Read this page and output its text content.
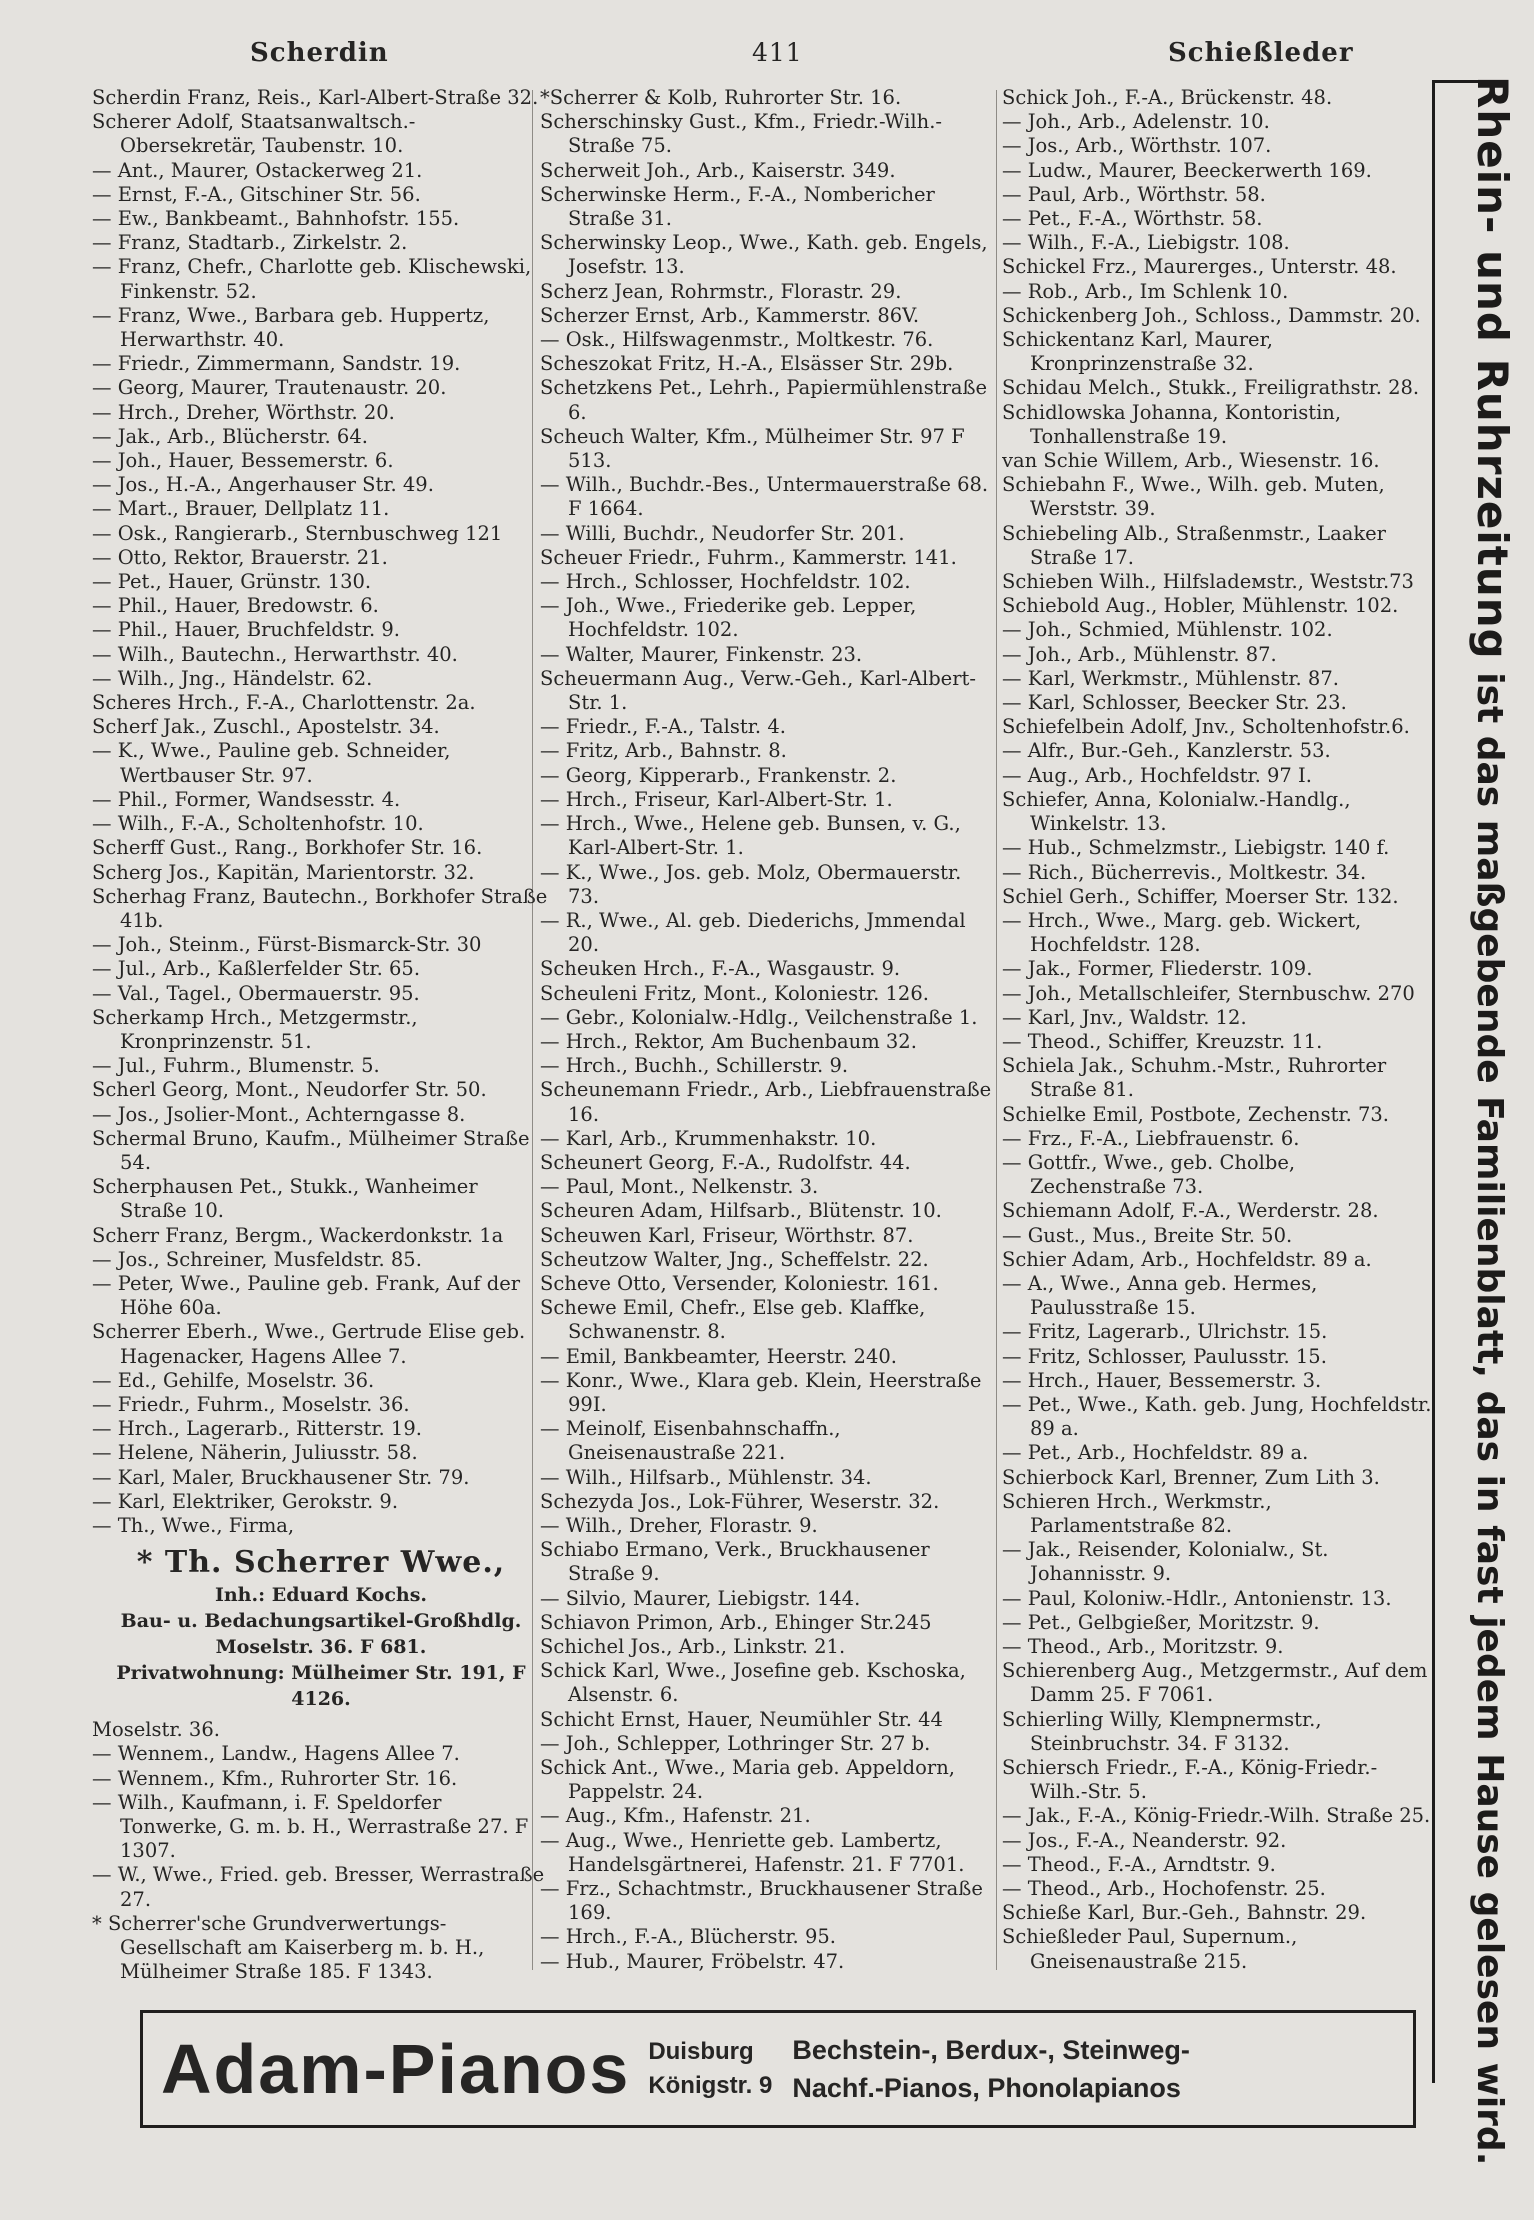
Scherdin	411	Schießleder

Scherdin Franz, Reis., Karl-Albert-Straße 32.

Scherer Adolf, Staatsanwaltsch.-Obersekretär, Taubenstr. 10.

— Ant., Maurer, Ostackerweg 21.

— Ernst, F.-A., Gitschiner Str. 56.

— Ew., Bankbeamt., Bahnhofstr. 155.

— Franz, Stadtarb., Zirkelstr. 2.

— Franz, Chefr., Charlotte geb. Klischewski, Finkenstr. 52.

— Franz, Wwe., Barbara geb. Huppertz, Herwarthstr. 40.

— Friedr., Zimmermann, Sandstr. 19.

— Georg, Maurer, Trautenaustr. 20.

— Hrch., Dreher, Wörthstr. 20.

— Jak., Arb., Blücherstr. 64.

— Joh., Hauer, Bessemerstr. 6.

— Jos., H.-A., Angerhauser Str. 49.

— Mart., Brauer, Dellplatz 11.

— Osk., Rangierarb., Sternbuschweg 121

— Otto, Rektor, Brauerstr. 21.

— Pet., Hauer, Grünstr. 130.

— Phil., Hauer, Bredowstr. 6.

— Phil., Hauer, Bruchfeldstr. 9.

— Wilh., Bautechn., Herwarthstr. 40.

— Wilh., Jng., Händelstr. 62.

Scheres Hrch., F.-A., Charlottenstr. 2a.

Scherf Jak., Zuschl., Apostelstr. 34.

— K., Wwe., Pauline geb. Schneider, Wertbauser Str. 97.

— Phil., Former, Wandsesstr. 4.

— Wilh., F.-A., Scholtenhofstr. 10.

Scherff Gust., Rang., Borkhofer Str. 16.

Scherg Jos., Kapitän, Marientorstr. 32.

Scherhag Franz, Bautechn., Borkhofer Straße 41b.

— Joh., Steinm., Fürst-Bismarck-Str. 30

— Jul., Arb., Kaßlerfelder Str. 65.

— Val., Tagel., Obermauerstr. 95.

Scherkamp Hrch., Metzgermstr., Kronprinzenstr. 51.

— Jul., Fuhrm., Blumenstr. 5.

Scherl Georg, Mont., Neudorfer Str. 50.

— Jos., Jsolier-Mont., Achterngasse 8.

Schermal Bruno, Kaufm., Mülheimer Straße 54.

Scherphausen Pet., Stukk., Wanheimer Straße 10.

Scherr Franz, Bergm., Wackerdonkstr. 1a

— Jos., Schreiner, Musfeldstr. 85.

— Peter, Wwe., Pauline geb. Frank, Auf der Höhe 60a.

Scherrer Eberh., Wwe., Gertrude Elise geb. Hagenacker, Hagens Allee 7.

— Ed., Gehilfe, Moselstr. 36.

— Friedr., Fuhrm., Moselstr. 36.

— Hrch., Lagerarb., Ritterstr. 19.

— Helene, Näherin, Juliusstr. 58.

— Karl, Maler, Bruckhausener Str. 79.

— Karl, Elektriker, Gerokstr. 9.

— Th., Wwe., Firma,

* Th. Scherrer Wwe.,
Inh.: Eduard Kochs.
Bau- u. Bedachungsartikel-Großhdlg.
Moselstr. 36. F 681.
Privatwohnung: Mülheimer Str. 191, F 4126.

Moselstr. 36.

— Wennem., Landw., Hagens Allee 7.

— Wennem., Kfm., Ruhrorter Str. 16.

— Wilh., Kaufmann, i. F. Speldorfer Tonwerke, G. m. b. H., Werrastraße 27. F 1307.

— W., Wwe., Fried. geb. Bresser, Werrastraße 27.

* Scherrer'sche Grundverwertungs-Gesellschaft am Kaiserberg m. b. H., Mülheimer Straße 185. F 1343.

*Scherrer & Kolb, Ruhrorter Str. 16.

Scherschinsky Gust., Kfm., Friedr.-Wilh.-Straße 75.

Scherweit Joh., Arb., Kaiserstr. 349.

Scherwinske Herm., F.-A., Nomberichеr Straße 31.

Scherwinsky Leop., Wwe., Kath. geb. Engels, Josefstr. 13.

Scherz Jean, Rohrmstr., Florastr. 29.

Scherzer Ernst, Arb., Kammerstr. 86V.

— Osk., Hilfswagenmstr., Moltkestr. 76.

Scheszokat Fritz, H.-A., Elsässer Str. 29b.

Schetzkens Pet., Lehrh., Papiermühlenstraße 6.

Scheuch Walter, Kfm., Mülheimer Str. 97 F 513.

— Wilh., Buchdr.-Bes., Untermauerstraße 68. F 1664.

— Willi, Buchdr., Neudorfer Str. 201.

Scheuer Friedr., Fuhrm., Kammerstr. 141.

— Hrch., Schlosser, Hochfeldstr. 102.

— Joh., Wwe., Friederike geb. Lepper, Hochfeldstr. 102.

— Walter, Maurer, Finkenstr. 23.

Scheuermann Aug., Verw.-Geh., Karl-Albert-Str. 1.

— Friedr., F.-A., Talstr. 4.

— Fritz, Arb., Bahnstr. 8.

— Georg, Kipperarb., Frankenstr. 2.

— Hrch., Friseur, Karl-Albert-Str. 1.

— Hrch., Wwe., Helene geb. Bunsen, v. G., Karl-Albert-Str. 1.

— K., Wwe., Jos. geb. Molz, Obermauerstr. 73.

— R., Wwe., Al. geb. Diederichs, Jmmendal 20.

Scheuken Hrch., F.-A., Wasgaustr. 9.

Scheuleni Fritz, Mont., Koloniestr. 126.

— Gebr., Kolonialw.-Hdlg., Veilchenstraße 1.

— Hrch., Rektor, Am Buchenbaum 32.

— Hrch., Buchh., Schillerstr. 9.

Scheunemann Friedr., Arb., Liebfrauenstraße 16.

— Karl, Arb., Krummenhakstr. 10.

Scheunert Georg, F.-A., Rudolfstr. 44.

— Paul, Mont., Nelkenstr. 3.

Scheuren Adam, Hilfsarb., Blütenstr. 10.

Scheuwen Karl, Friseur, Wörthstr. 87.

Scheutzow Walter, Jng., Scheffelstr. 22.

Scheve Otto, Versender, Koloniestr. 161.

Schewe Emil, Chefr., Else geb. Klaffke, Schwanenstr. 8.

— Emil, Bankbeamter, Heerstr. 240.

— Konr., Wwe., Klara geb. Klein, Heerstraße 99I.

— Meinolf, Eisenbahnschaffn., Gneisenaustraße 221.

— Wilh., Hilfsarb., Mühlenstr. 34.

Schezyda Jos., Lok-Führer, Weserstr. 32.

— Wilh., Dreher, Florastr. 9.

Schiabo Ermano, Verk., Bruckhausener Straße 9.

— Silvio, Maurer, Liebigstr. 144.

Schiavon Primon, Arb., Ehinger Str.245

Schichel Jos., Arb., Linkstr. 21.

Schick Karl, Wwe., Josefine geb. Kschoska, Alsenstr. 6.

Schicht Ernst, Hauer, Neumühler Str. 44

— Joh., Schlepper, Lothringer Str. 27 b.

Schick Ant., Wwe., Maria geb. Appeldorn, Pappelstr. 24.

— Aug., Kfm., Hafenstr. 21.

— Aug., Wwe., Henriette geb. Lambertz, Handelsgärtnerei, Hafenstr. 21. F 7701.

— Frz., Schachtmstr., Bruckhausener Straße 169.

— Hrch., F.-A., Blücherstr. 95.

— Hub., Maurer, Fröbelstr. 47.

Schick Joh., F.-A., Brückenstr. 48.

— Joh., Arb., Adelenstr. 10.

— Jos., Arb., Wörthstr. 107.

— Ludw., Maurer, Beeckerwerth 169.

— Paul, Arb., Wörthstr. 58.

— Pet., F.-A., Wörthstr. 58.

— Wilh., F.-A., Liebigstr. 108.

Schickel Frz., Maurerges., Unterstr. 48.

— Rob., Arb., Im Schlenk 10.

Schickenberg Joh., Schloss., Dammstr. 20.

Schickentanz Karl, Maurer, Kronprinzenstraße 32.

Schidau Melch., Stukk., Freiligrathstr. 28.

Schidlowska Johanna, Kontoristin, Tonhallenstraße 19.

van Schie Willem, Arb., Wiesenstr. 16.

Schiebahn F., Wwe., Wilh. geb. Muten, Werststr. 39.

Schiebeling Alb., Straßenmstr., Laaker Straße 17.

Schieben Wilh., Hilfsladемstr., Weststr.73

Schiebold Aug., Hobler, Mühlenstr. 102.

— Joh., Schmied, Mühlenstr. 102.

— Joh., Arb., Mühlenstr. 87.

— Karl, Werkmstr., Mühlenstr. 87.

— Karl, Schlosser, Beecker Str. 23.

Schiefelbein Adolf, Jnv., Scholtenhofstr.6.

— Alfr., Bur.-Geh., Kanzlerstr. 53.

— Aug., Arb., Hochfeldstr. 97 I.

Schiefer, Anna, Kolonialw.-Handlg., Winkelstr. 13.

— Hub., Schmelzmstr., Liebigstr. 140 f.

— Rich., Bücherrevis., Moltkestr. 34.

Schiel Gerh., Schiffer, Moerser Str. 132.

— Hrch., Wwe., Marg. geb. Wickert, Hochfeldstr. 128.

— Jak., Former, Fliederstr. 109.

— Joh., Metallschleifer, Sternbuschw. 270

— Karl, Jnv., Waldstr. 12.

— Theod., Schiffer, Kreuzstr. 11.

Schiela Jak., Schuhm.-Mstr., Ruhrorter Straße 81.

Schielke Emil, Postbote, Zechenstr. 73.

— Frz., F.-A., Liebfrauenstr. 6.

— Gottfr., Wwe., geb. Cholbe, Zechenstraße 73.

Schiemann Adolf, F.-A., Werderstr. 28.

— Gust., Mus., Breite Str. 50.

Schier Adam, Arb., Hochfeldstr. 89 a.

— A., Wwe., Anna geb. Hermes, Paulusstraße 15.

— Fritz, Lagerarb., Ulrichstr. 15.

— Fritz, Schlosser, Paulusstr. 15.

— Hrch., Hauer, Bessemerstr. 3.

— Pet., Wwe., Kath. geb. Jung, Hochfeldstr. 89 a.

— Pet., Arb., Hochfeldstr. 89 a.

Schierbock Karl, Brenner, Zum Lith 3.

Schieren Hrch., Werkmstr., Parlamentstraße 82.

— Jak., Reisender, Kolonialw., St. Johannisstr. 9.

— Paul, Koloniw.-Hdlr., Antonienstr. 13.

— Pet., Gelbgießer, Moritzstr. 9.

— Theod., Arb., Moritzstr. 9.

Schierenberg Aug., Metzgermstr., Auf dem Damm 25. F 7061.

Schierling Willy, Klempnermstr., Steinbruchstr. 34. F 3132.

Schiersch Friedr., F.-A., König-Friedr.-Wilh.-Str. 5.

— Jak., F.-A., König-Friedr.-Wilh. Straße 25.

— Jos., F.-A., Neanderstr. 92.

— Theod., F.-A., Arndtstr. 9.

— Theod., Arb., Hochofenstr. 25.

Schieße Karl, Bur.-Geh., Bahnstr. 29.

Schießleder Paul, Supernum., Gneisenaustraße 215.

Rhein- und Ruhrzeitung ist das maßgebende Familienblatt, das in fast jedem Hause gelesen wird.
Adam-Pianos Duisburg
Königstr. 9
Bechstein-, Berdux-, Steinweg-
Nachf.-Pianos, Phonolapianos
